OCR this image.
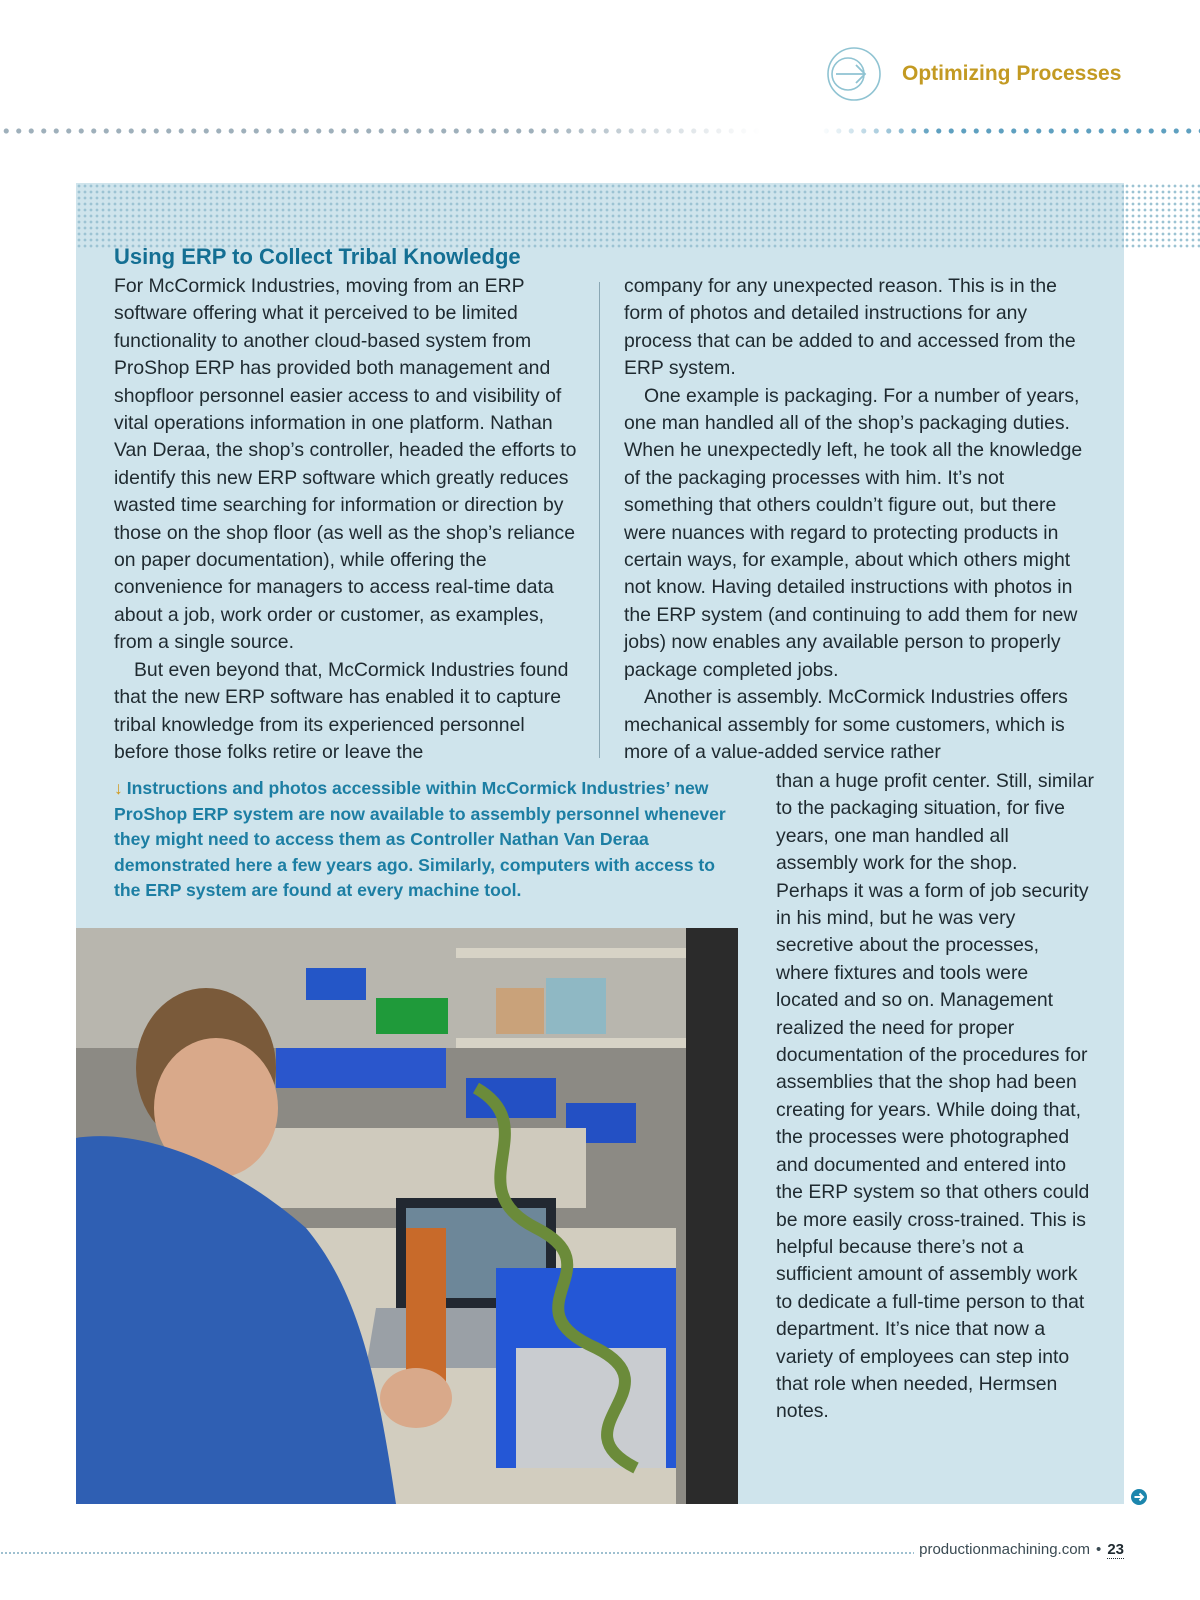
Optimizing Processes
Using ERP to Collect Tribal Knowledge

For McCormick Industries, moving from an ERP software offering what it perceived to be limited functionality to another cloud-based system from ProShop ERP has provided both management and shopfloor personnel easier access to and visibility of vital operations information in one platform. Nathan Van Deraa, the shop’s controller, headed the efforts to identify this new ERP software which greatly reduces wasted time searching for information or direction by those on the shop floor (as well as the shop’s reliance on paper documentation), while offering the convenience for managers to access real-time data about a job, work order or customer, as examples, from a single source.

But even beyond that, McCormick Industries found that the new ERP software has enabled it to capture tribal knowledge from its experienced personnel before those folks retire or leave the

company for any unexpected reason. This is in the form of photos and detailed instructions for any process that can be added to and accessed from the ERP system.

One example is packaging. For a number of years, one man handled all of the shop’s packaging duties. When he unexpectedly left, he took all the knowledge of the packaging processes with him. It’s not something that others couldn’t figure out, but there were nuances with regard to protecting products in certain ways, for example, about which others might not know. Having detailed instructions with photos in the ERP system (and continuing to add them for new jobs) now enables any available person to properly package completed jobs.

Another is assembly. McCormick Industries offers mechanical assembly for some customers, which is more of a value-added service rather

↓ Instructions and photos accessible within McCormick Industries’ new ProShop ERP system are now available to assembly personnel whenever they might need to access them as Controller Nathan Van Deraa demonstrated here a few years ago. Similarly, computers with access to the ERP system are found at every machine tool.

than a huge profit center. Still, similar to the packaging situation, for five years, one man handled all assembly work for the shop. Perhaps it was a form of job security in his mind, but he was very secretive about the processes, where fixtures and tools were located and so on. Management realized the need for proper documentation of the procedures for assemblies that the shop had been creating for years. While doing that, the processes were photographed and documented and entered into the ERP system so that others could be more easily cross-trained. This is helpful because there’s not a sufficient amount of assembly work to dedicate a full-time person to that department. It’s nice that now a variety of employees can step into that role when needed, Hermsen notes.

productionmachining.com • 23
